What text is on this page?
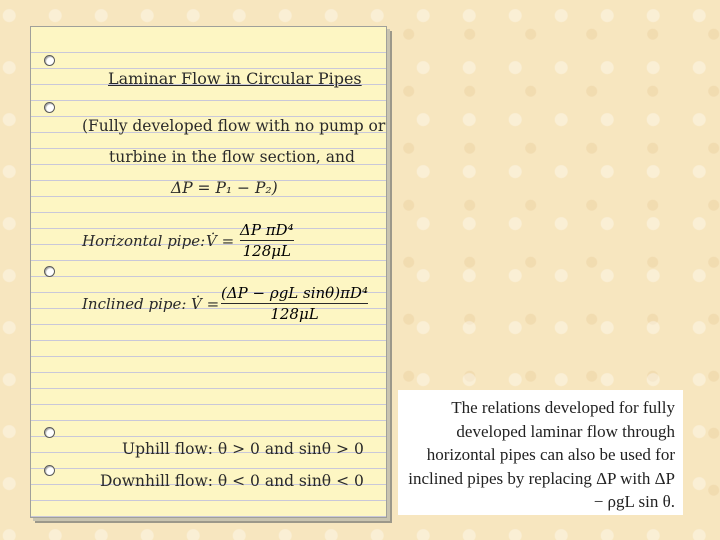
Laminar Flow in Circular Pipes
(Fully developed flow with no pump or
turbine in the flow section, and
ΔP = P₁ − P₂)
Horizontal pipe: V̇ =
ΔP πD⁴
128μL
Inclined pipe: V̇ =
(ΔP − ρgL sinθ)πD⁴
128μL
Uphill flow: θ > 0 and sinθ > 0
Downhill flow: θ < 0 and sinθ < 0
The relations developed for fully developed laminar flow through horizontal pipes can also be used for inclined pipes by replacing ΔP with ΔP − ρgL sin θ.
